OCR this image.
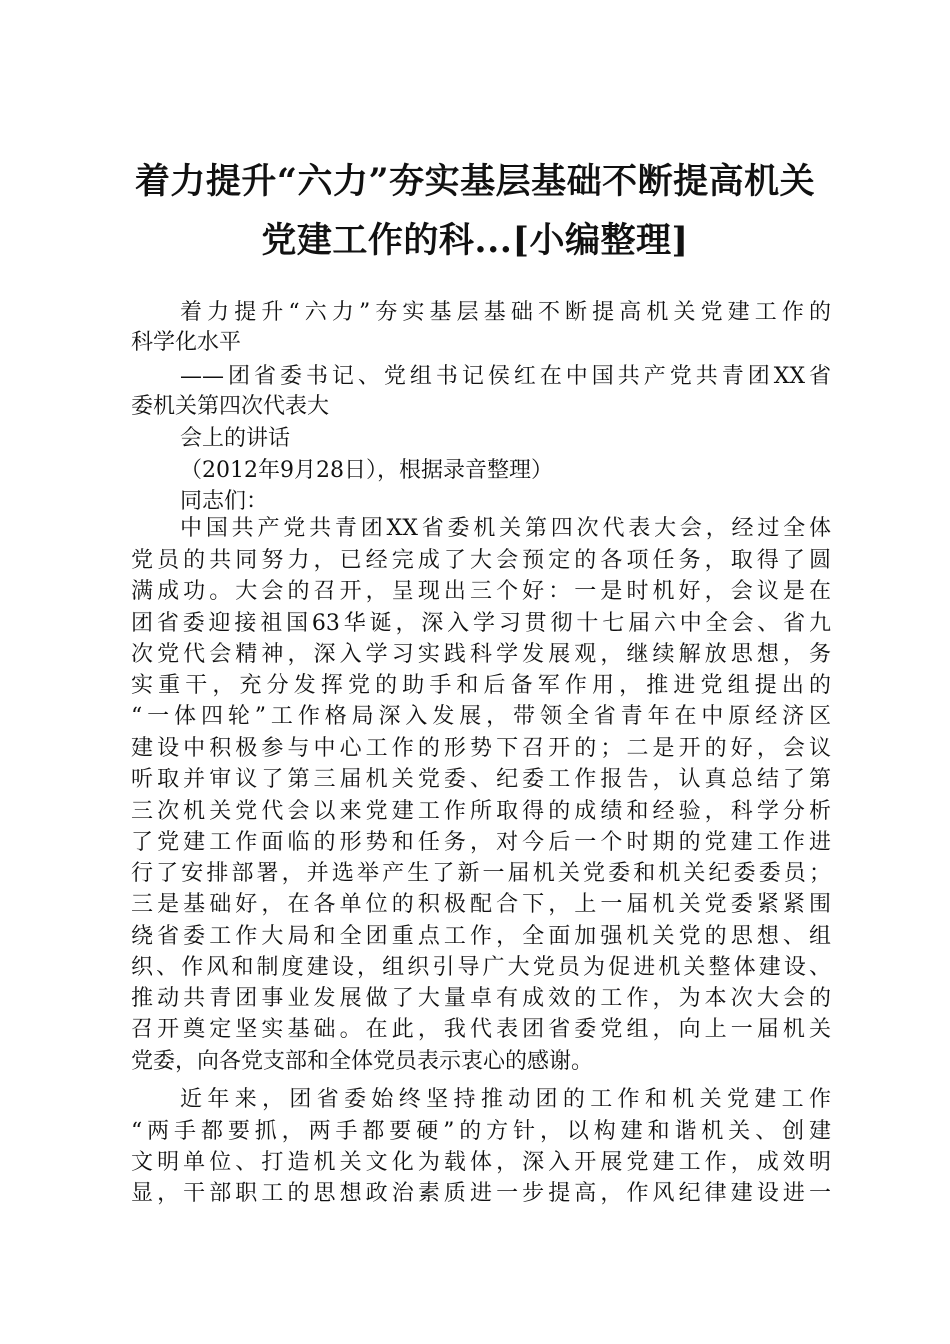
着力提升“六力”夯实基层基础不断提高机关
党建工作的科...[小编整理]
着力提升“六力”夯实基层基础不断提高机关党建工作的
科学化水平
——团省委书记、党组书记侯红在中国共产党共青团XX省
委机关第四次代表大
会上的讲话
（2012年9月28日），根据录音整理）
同志们：
中国共产党共青团XX省委机关第四次代表大会，经过全体
党员的共同努力，已经完成了大会预定的各项任务，取得了圆
满成功。大会的召开，呈现出三个好：一是时机好，会议是在
团省委迎接祖国63华诞，深入学习贯彻十七届六中全会、省九
次党代会精神，深入学习实践科学发展观，继续解放思想，务
实重干，充分发挥党的助手和后备军作用，推进党组提出的
“一体四轮”工作格局深入发展，带领全省青年在中原经济区
建设中积极参与中心工作的形势下召开的；二是开的好，会议
听取并审议了第三届机关党委、纪委工作报告，认真总结了第
三次机关党代会以来党建工作所取得的成绩和经验，科学分析
了党建工作面临的形势和任务，对今后一个时期的党建工作进
行了安排部署，并选举产生了新一届机关党委和机关纪委委员；
三是基础好，在各单位的积极配合下，上一届机关党委紧紧围
绕省委工作大局和全团重点工作，全面加强机关党的思想、组
织、作风和制度建设，组织引导广大党员为促进机关整体建设、
推动共青团事业发展做了大量卓有成效的工作，为本次大会的
召开奠定坚实基础。在此，我代表团省委党组，向上一届机关
党委，向各党支部和全体党员表示衷心的感谢。
近年来，团省委始终坚持推动团的工作和机关党建工作
“两手都要抓，两手都要硬”的方针，以构建和谐机关、创建
文明单位、打造机关文化为载体，深入开展党建工作，成效明
显，干部职工的思想政治素质进一步提高，作风纪律建设进一
